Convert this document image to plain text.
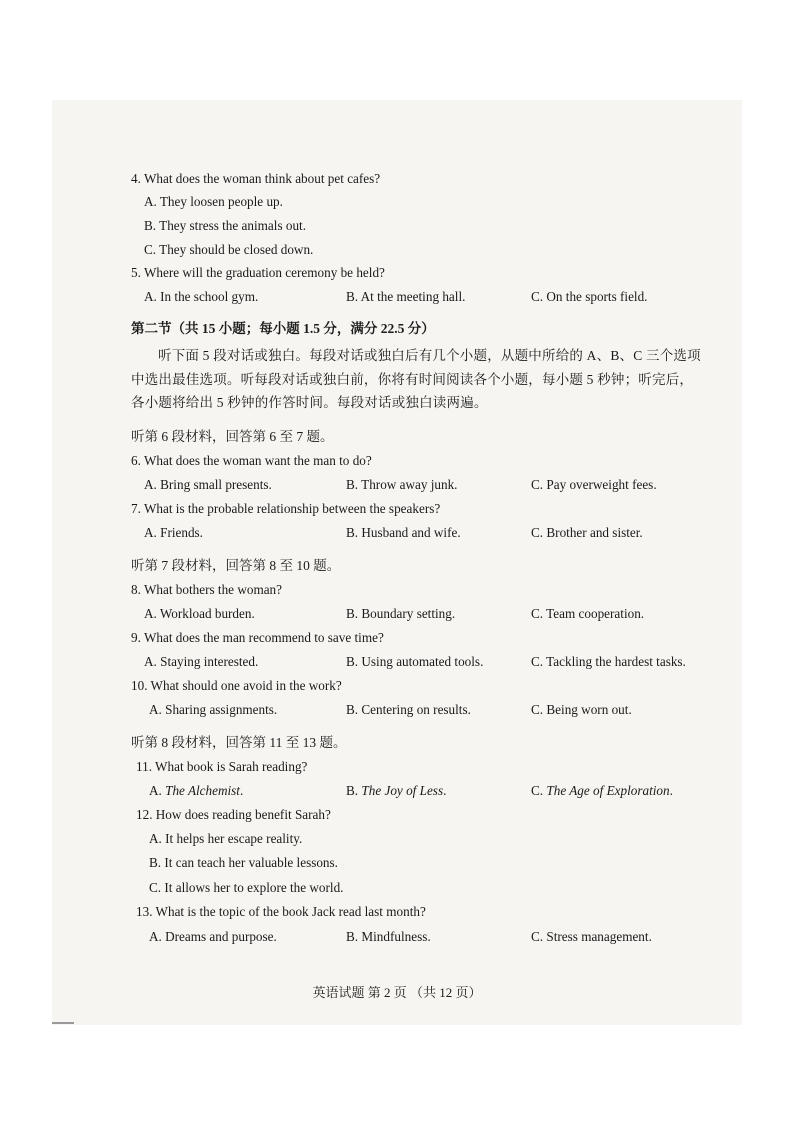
4. What does the woman think about pet cafes?
A. They loosen people up.
B. They stress the animals out.
C. They should be closed down.
5. Where will the graduation ceremony be held?
A. In the school gym.	B. At the meeting hall.	C. On the sports field.
第二节（共 15 小题；每小题 1.5 分，满分 22.5 分）
听下面 5 段对话或独白。每段对话或独白后有几个小题，从题中所给的 A、B、C 三个选项中选出最佳选项。听每段对话或独白前，你将有时间阅读各个小题，每小题 5 秒钟；听完后，各小题将给出 5 秒钟的作答时间。每段对话或独白读两遍。
听第 6 段材料，回答第 6 至 7 题。
6. What does the woman want the man to do?
A. Bring small presents.	B. Throw away junk.	C. Pay overweight fees.
7. What is the probable relationship between the speakers?
A. Friends.	B. Husband and wife.	C. Brother and sister.
听第 7 段材料，回答第 8 至 10 题。
8. What bothers the woman?
A. Workload burden.	B. Boundary setting.	C. Team cooperation.
9. What does the man recommend to save time?
A. Staying interested.	B. Using automated tools.	C. Tackling the hardest tasks.
10. What should one avoid in the work?
A. Sharing assignments.	B. Centering on results.	C. Being worn out.
听第 8 段材料，回答第 11 至 13 题。
11. What book is Sarah reading?
A. The Alchemist.	B. The Joy of Less.	C. The Age of Exploration.
12. How does reading benefit Sarah?
A. It helps her escape reality.
B. It can teach her valuable lessons.
C. It allows her to explore the world.
13. What is the topic of the book Jack read last month?
A. Dreams and purpose.	B. Mindfulness.	C. Stress management.
英语试题 第 2 页 （共 12 页）
